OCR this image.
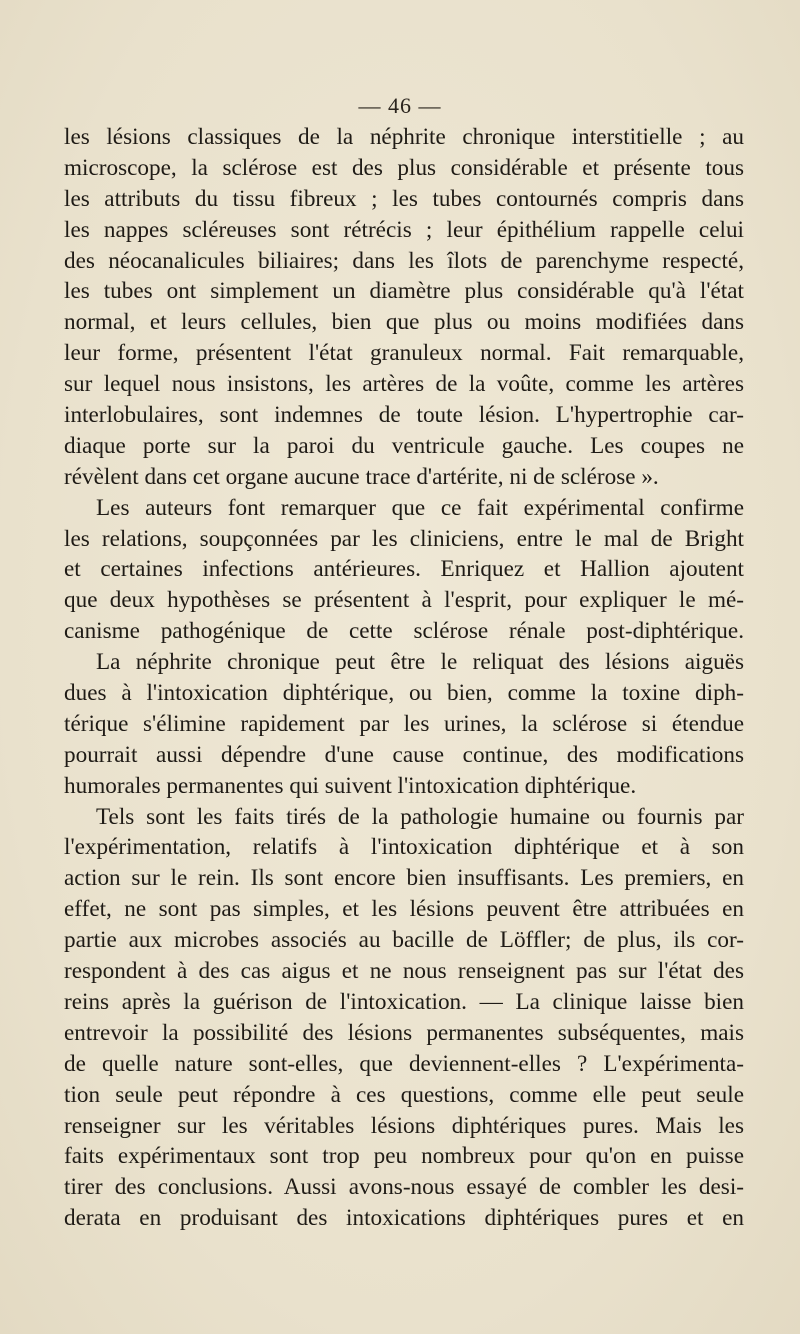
— 46 —
les lésions classiques de la néphrite chronique interstitielle ; au
microscope, la sclérose est des plus considérable et présente tous
les attributs du tissu fibreux ; les tubes contournés compris dans
les nappes scléreuses sont rétrécis ; leur épithélium rappelle celui
des néocanalicules biliaires; dans les îlots de parenchyme respecté,
les tubes ont simplement un diamètre plus considérable qu'à l'état
normal, et leurs cellules, bien que plus ou moins modifiées dans
leur forme, présentent l'état granuleux normal. Fait remarquable,
sur lequel nous insistons, les artères de la voûte, comme les artères
interlobulaires, sont indemnes de toute lésion. L'hypertrophie car-
diaque porte sur la paroi du ventricule gauche. Les coupes ne
révèlent dans cet organe aucune trace d'artérite, ni de sclérose ».
Les auteurs font remarquer que ce fait expérimental confirme
les relations, soupçonnées par les cliniciens, entre le mal de Bright
et certaines infections antérieures. Enriquez et Hallion ajoutent
que deux hypothèses se présentent à l'esprit, pour expliquer le mé-
canisme pathogénique de cette sclérose rénale post-diphtérique.
La néphrite chronique peut être le reliquat des lésions aiguës
dues à l'intoxication diphtérique, ou bien, comme la toxine diph-
térique s'élimine rapidement par les urines, la sclérose si étendue
pourrait aussi dépendre d'une cause continue, des modifications
humorales permanentes qui suivent l'intoxication diphtérique.
Tels sont les faits tirés de la pathologie humaine ou fournis par
l'expérimentation, relatifs à l'intoxication diphtérique et à son
action sur le rein. Ils sont encore bien insuffisants. Les premiers, en
effet, ne sont pas simples, et les lésions peuvent être attribuées en
partie aux microbes associés au bacille de Löffler; de plus, ils cor-
respondent à des cas aigus et ne nous renseignent pas sur l'état des
reins après la guérison de l'intoxication. — La clinique laisse bien
entrevoir la possibilité des lésions permanentes subséquentes, mais
de quelle nature sont-elles, que deviennent-elles ? L'expérimenta-
tion seule peut répondre à ces questions, comme elle peut seule
renseigner sur les véritables lésions diphtériques pures. Mais les
faits expérimentaux sont trop peu nombreux pour qu'on en puisse
tirer des conclusions. Aussi avons-nous essayé de combler les desi-
derata en produisant des intoxications diphtériques pures et en
